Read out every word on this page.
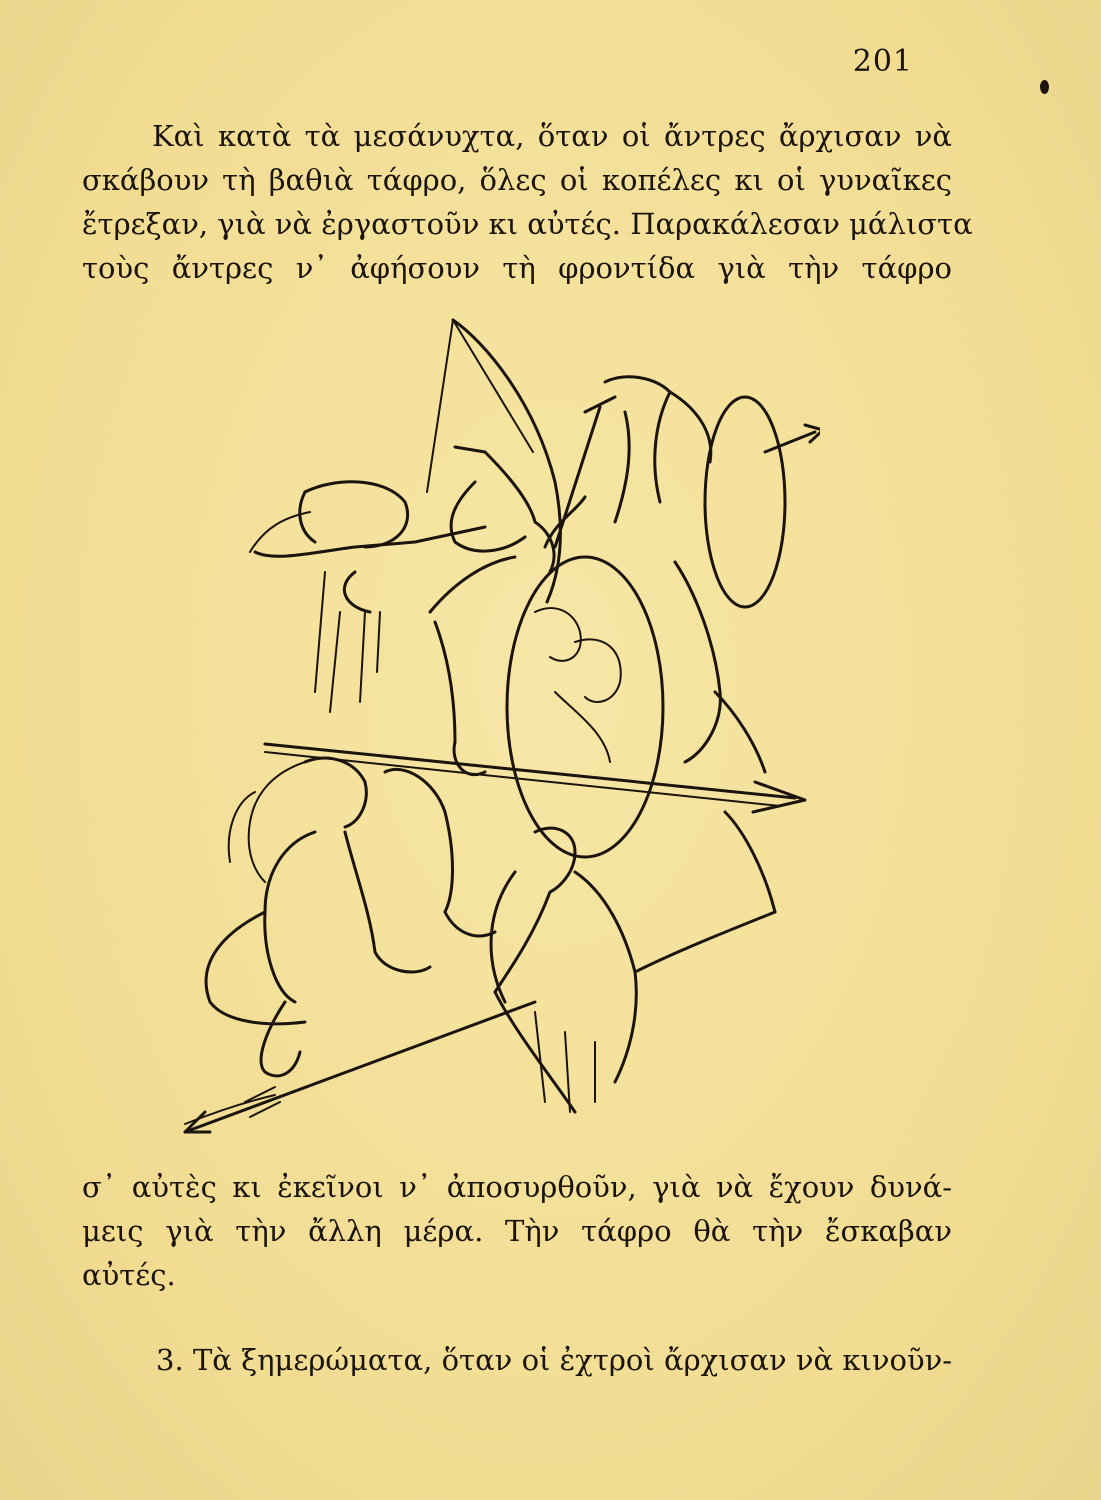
201
Καὶ κατὰ τὰ μεσάνυχτα, ὅταν οἱ ἄντρες ἄρχισαν νὰ
σκάβουν τὴ βαθιὰ τάφρο, ὅλες οἱ κοπέλες κι οἱ γυναῖκες
ἔτρεξαν, γιὰ νὰ ἐργαστοῦν κι αὐτές. Παρακάλεσαν μάλιστα
τοὺς ἄντρες ν᾽ ἀφήσουν τὴ φροντίδα γιὰ τὴν τάφρο
σ᾽ αὐτὲς κι ἐκεῖνοι ν᾽ ἀποσυρθοῦν, γιὰ νὰ ἔχουν δυνά-
μεις γιὰ τὴν ἄλλη μέρα. Τὴν τάφρο θὰ τὴν ἔσκαβαν
αὐτές.
3. Τὰ ξημερώματα, ὅταν οἱ ἐχτροὶ ἄρχισαν νὰ κινοῦν-
